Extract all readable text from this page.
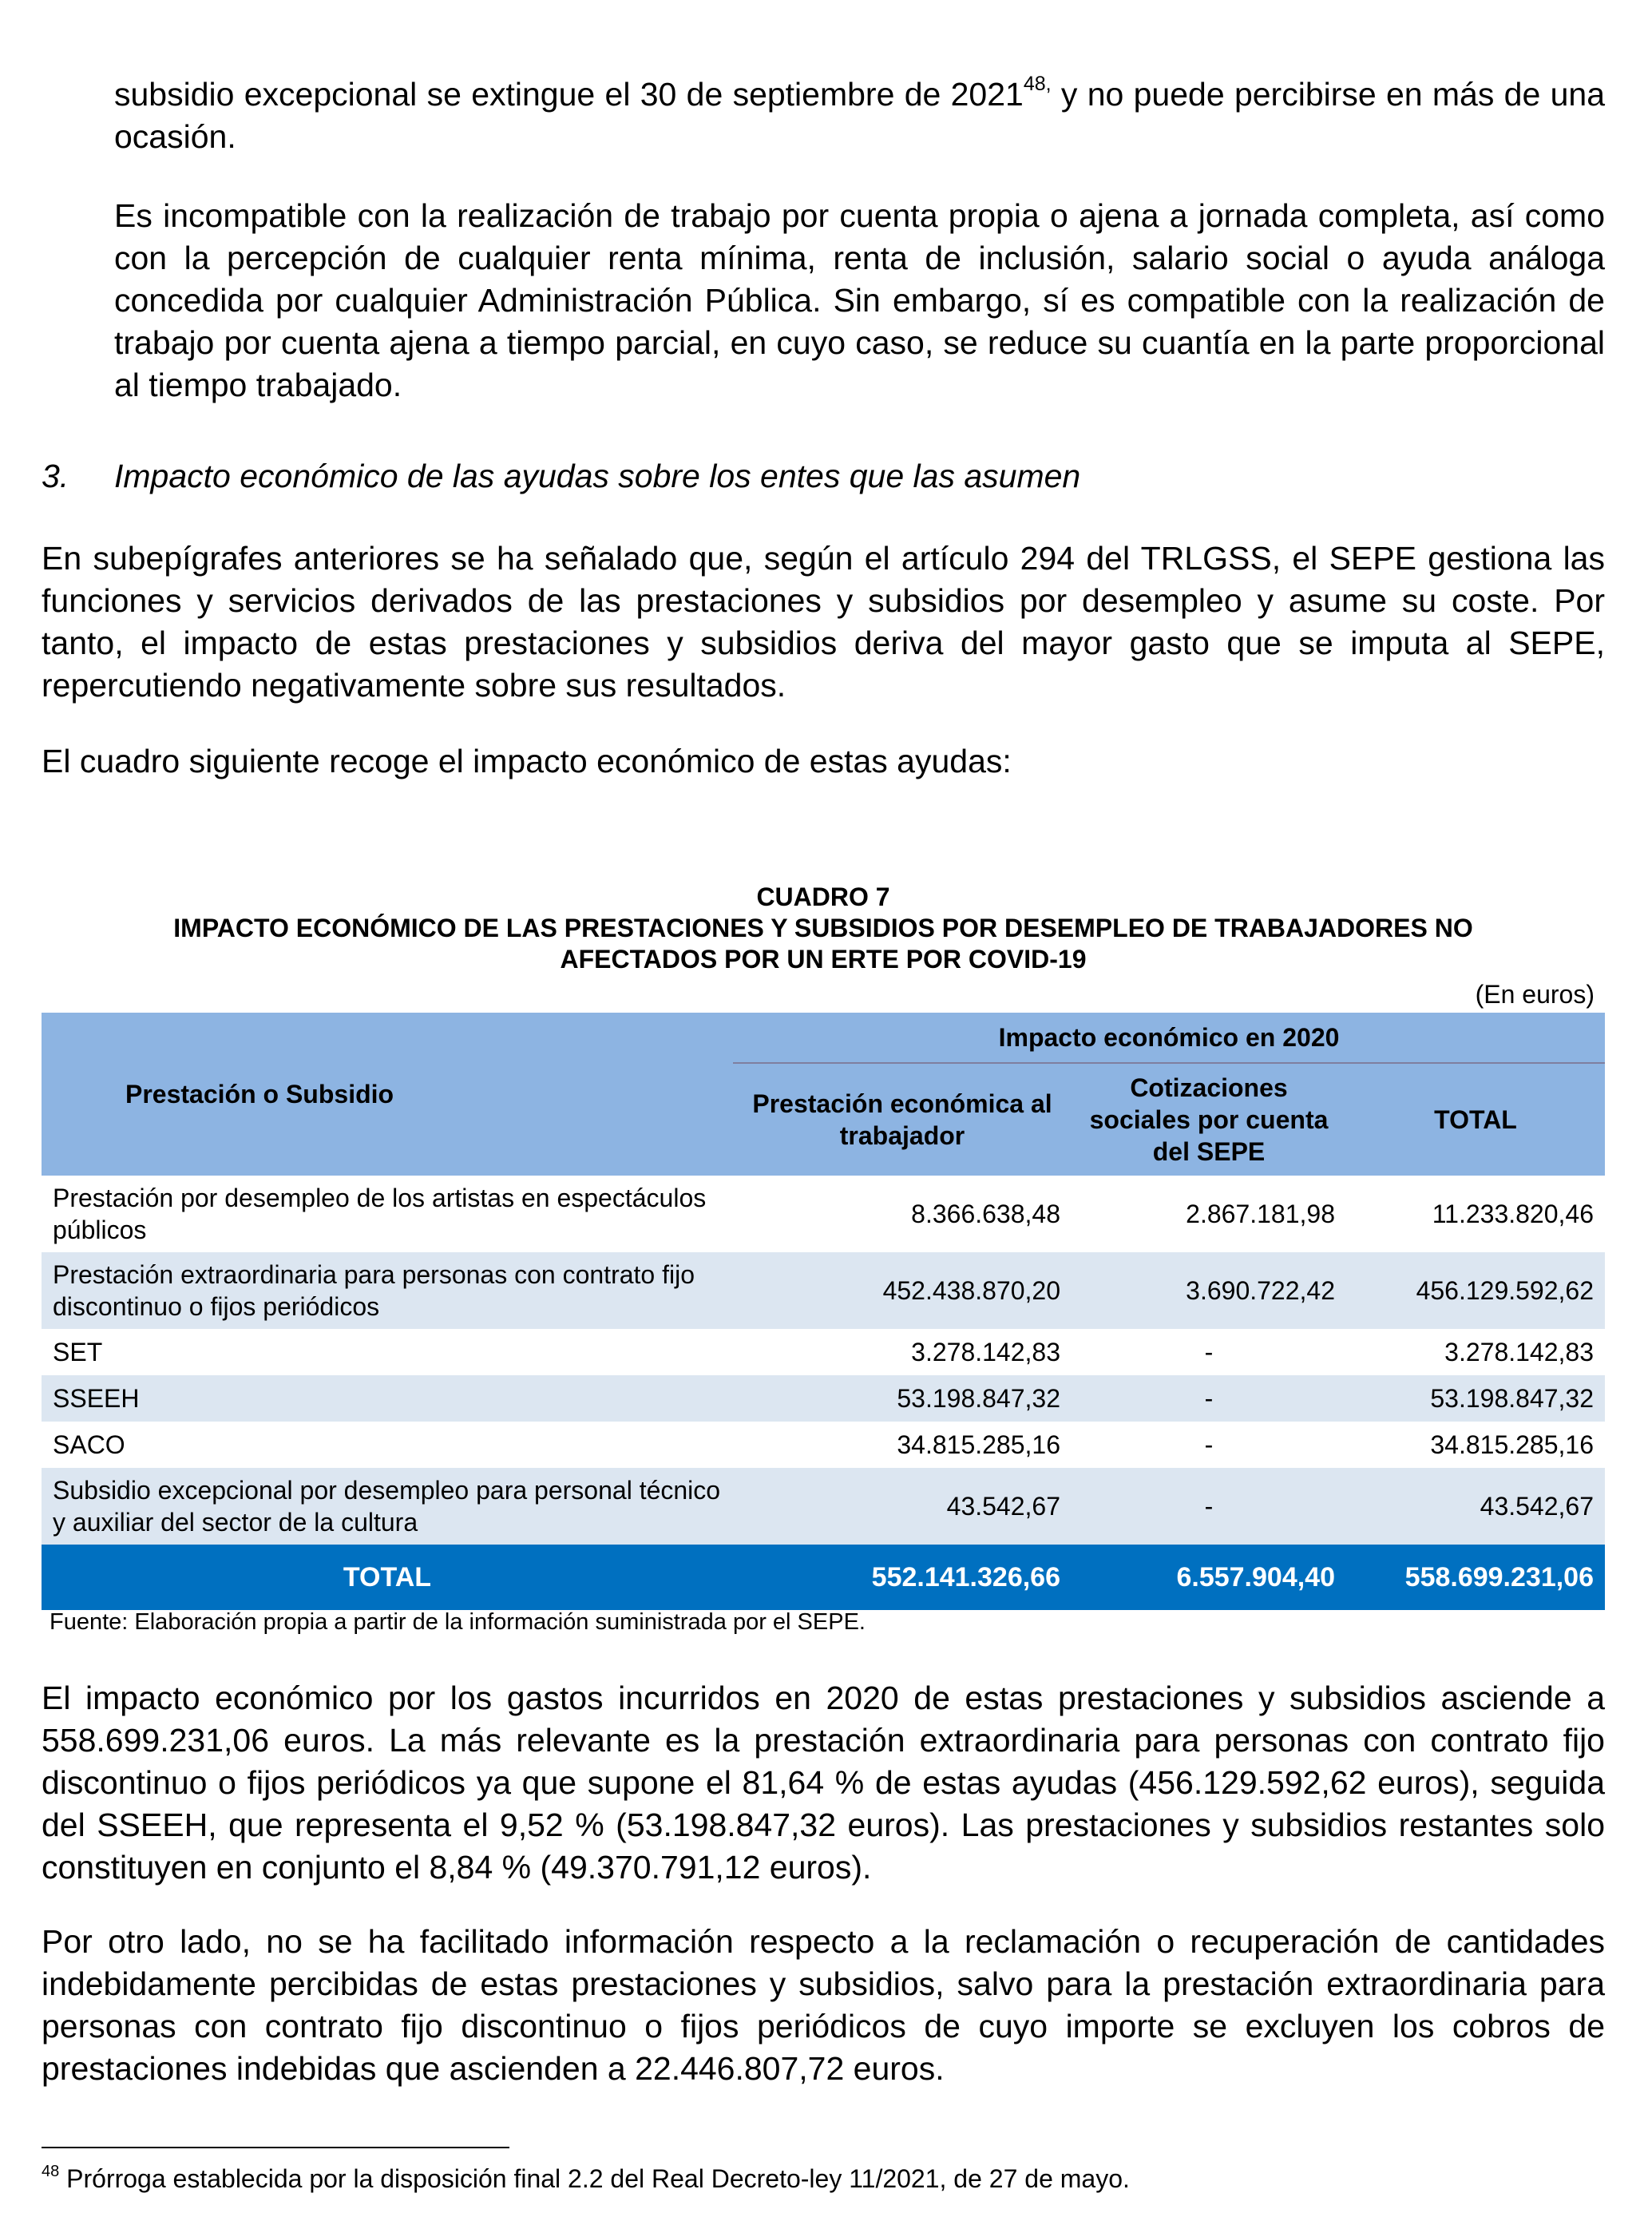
subsidio excepcional se extingue el 30 de septiembre de $2021^{48,}$ y no puede percibirse en más de una ocasión.

Es incompatible con la realización de trabajo por cuenta propia o ajena a jornada completa, así como con la percepción de cualquier renta mínima, renta de inclusión, salario social o ayuda análoga concedida por cualquier Administración Pública. Sin embargo, sí es compatible con la realización de trabajo por cuenta ajena a tiempo parcial, en cuyo caso, se reduce su cuantía en la parte proporcional al tiempo trabajado.

3. Impacto económico de las ayudas sobre los entes que las asumen

En subepígrafes anteriores se ha señalado que, según el artículo 294 del TRLGSS, el SEPE gestiona las funciones y servicios derivados de las prestaciones y subsidios por desempleo y asume su coste. Por tanto, el impacto de estas prestaciones y subsidios deriva del mayor gasto que se imputa al SEPE, repercutiendo negativamente sobre sus resultados.

El cuadro siguiente recoge el impacto económico de estas ayudas:

CUADRO 7

IMPACTO ECONÓMICO DE LAS PRESTACIONES Y SUBSIDIOS POR DESEMPLEO DE TRABAJADORES NO

AFECTADOS POR UN ERTE POR COVID-19

(En euros)
Prestación o Subsidio	Impacto económico en 2020		
	Prestación económica al trabajador	Cotizaciones sociales por cuenta del SEPE	TOTAL
Prestación por desempleo de los artistas en espectáculos públicos	8.366.638,48	2.867.181,98	11.233.820,46
Prestación extraordinaria para personas con contrato fijo discontinuo o fijos periódicos	452.438.870,20	3.690.722,42	456.129.592,62
SET	3.278.142,83	-	3.278.142,83
SSEEH	53.198.847,32	-	53.198.847,32
SACO	34.815.285,16	-	34.815.285,16
Subsidio excepcional por desempleo para personal técnico y auxiliar del sector de la cultura	43.542,67	-	43.542,67
TOTAL	552.141.326,66	6.557.904,40	558.699.231,06
Fuente: Elaboración propia a partir de la información suministrada por el SEPE.

El impacto económico por los gastos incurridos en 2020 de estas prestaciones y subsidios asciende a 558.699.231,06 euros. La más relevante es la prestación extraordinaria para personas con contrato fijo discontinuo o fijos periódicos ya que supone el 81,64 % de estas ayudas (456.129.592,62 euros), seguida del SSEEH, que representa el 9,52 % (53.198.847,32 euros). Las prestaciones y subsidios restantes solo constituyen en conjunto el 8,84 % (49.370.791,12 euros).

Por otro lado, no se ha facilitado información respecto a la reclamación o recuperación de cantidades indebidamente percibidas de estas prestaciones y subsidios, salvo para la prestación extraordinaria para personas con contrato fijo discontinuo o fijos periódicos de cuyo importe se excluyen los cobros de prestaciones indebidas que ascienden a 22.446.807,72 euros.

$^{48}$ Prórroga establecida por la disposición final 2.2 del Real Decreto-ley 11/2021, de 27 de mayo.
